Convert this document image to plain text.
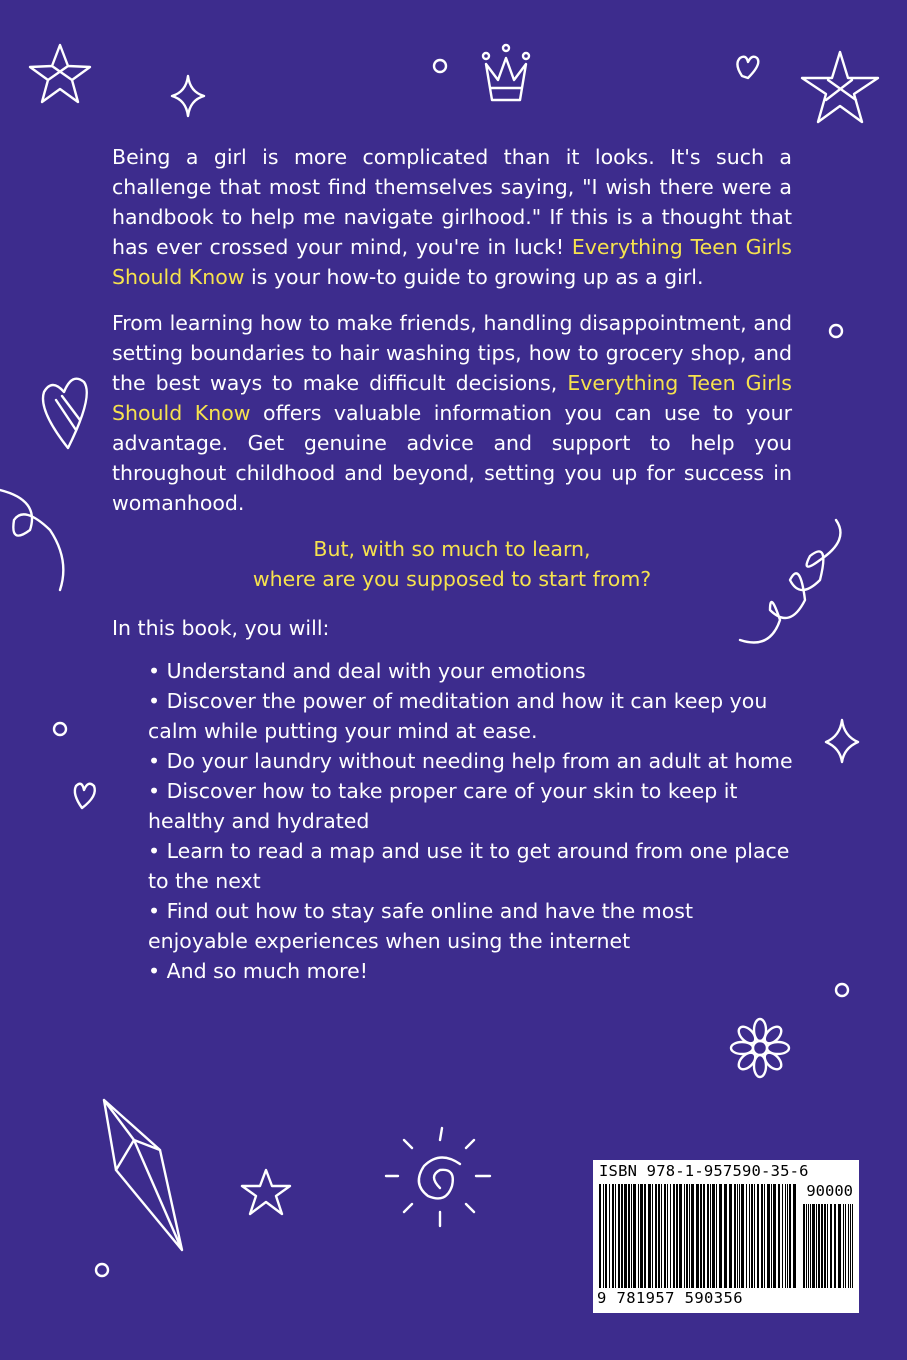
Being a girl is more complicated than it looks. It's such a challenge that most find themselves saying, "I wish there were a handbook to help me navigate girlhood." If this is a thought that has ever crossed your mind, you're in luck! Everything Teen Girls Should Know is your how-to guide to growing up as a girl.
From learning how to make friends, handling disappointment, and setting boundaries to hair washing tips, how to grocery shop, and the best ways to make difficult decisions, Everything Teen Girls Should Know offers valuable information you can use to your advantage. Get genuine advice and support to help you throughout childhood and beyond, setting you up for success in womanhood.
But, with so much to learn,
where are you supposed to start from?
In this book, you will:
• Understand and deal with your emotions
• Discover the power of meditation and how it can keep you calm while putting your mind at ease.
• Do your laundry without needing help from an adult at home
• Discover how to take proper care of your skin to keep it healthy and hydrated
• Learn to read a map and use it to get around from one place to the next
• Find out how to stay safe online and have the most enjoyable experiences when using the internet
• And so much more!
ISBN 978-1-957590-35-6
90000
9 781957 590356
